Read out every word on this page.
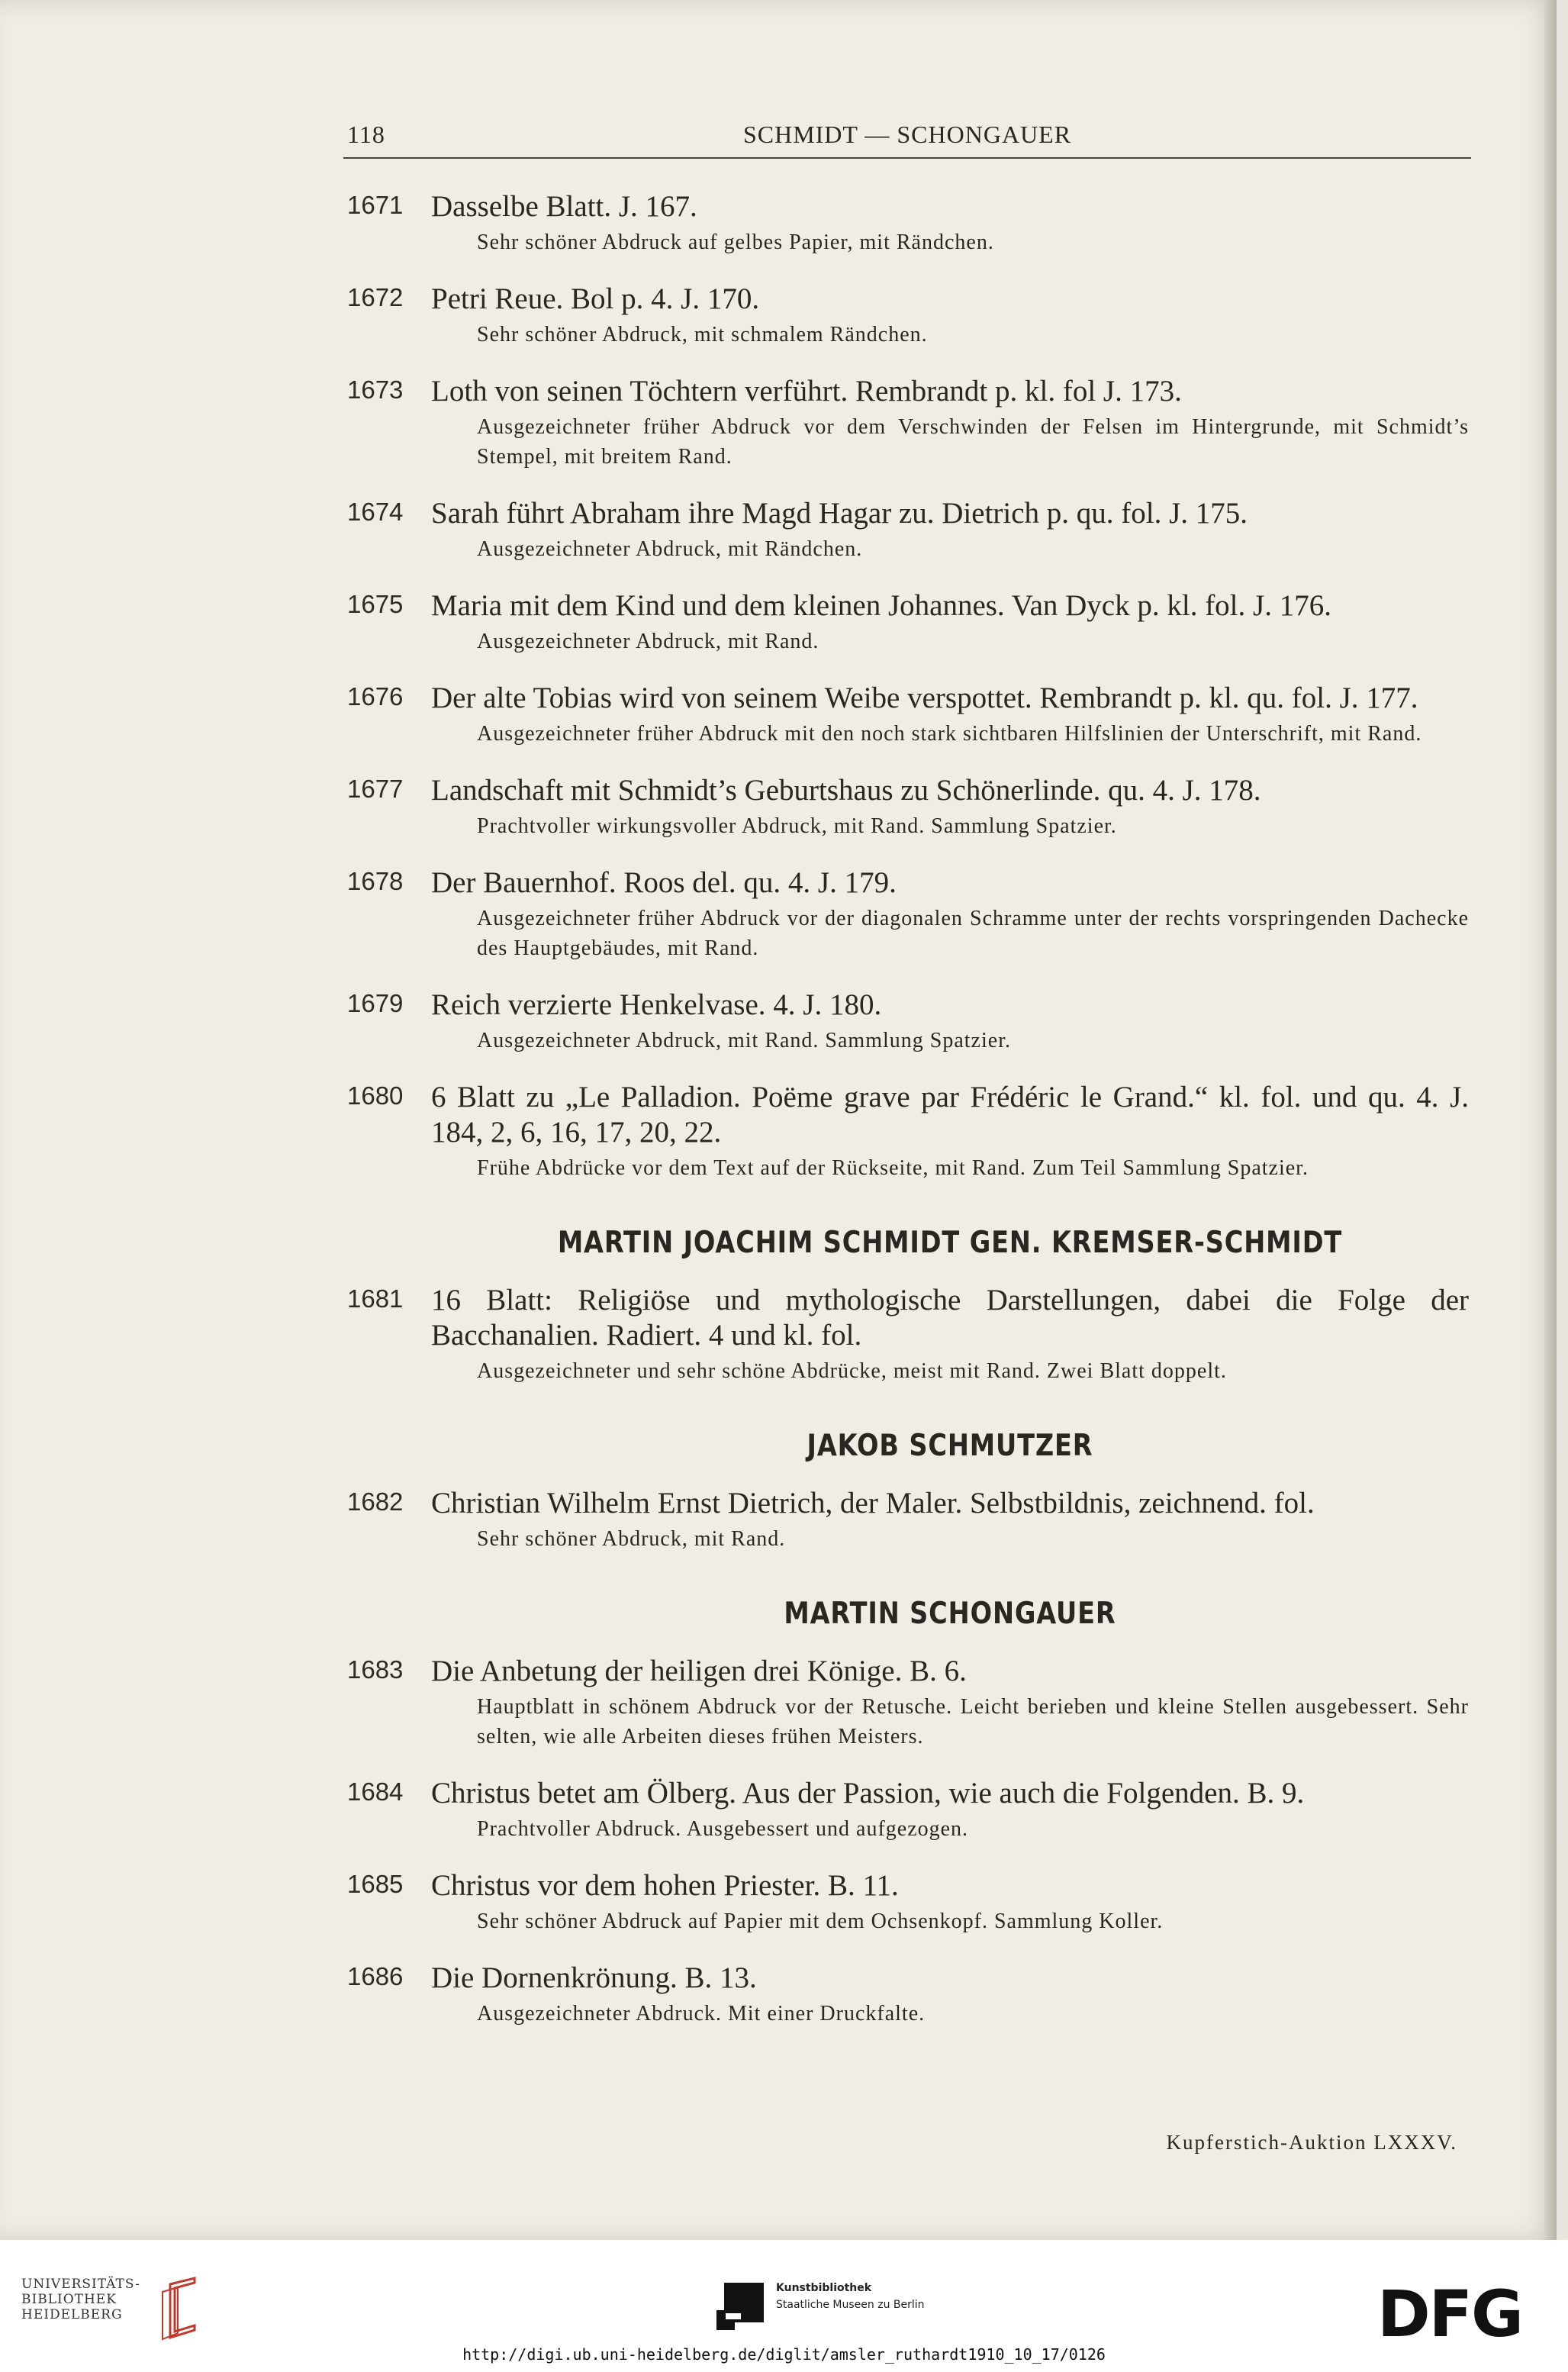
118	SCHMIDT — SCHONGAUER
1671 Dasselbe Blatt. J. 167.
Sehr schöner Abdruck auf gelbes Papier, mit Rändchen.
1672 Petri Reue. Bol p. 4. J. 170.
Sehr schöner Abdruck, mit schmalem Rändchen.
1673 Loth von seinen Töchtern verführt. Rembrandt p. kl. fol J. 173.
Ausgezeichneter früher Abdruck vor dem Verschwinden der Felsen im Hintergrunde, mit Schmidt’s Stempel, mit breitem Rand.
1674 Sarah führt Abraham ihre Magd Hagar zu. Dietrich p. qu. fol. J. 175.
Ausgezeichneter Abdruck, mit Rändchen.
1675 Maria mit dem Kind und dem kleinen Johannes. Van Dyck p. kl. fol. J. 176.
Ausgezeichneter Abdruck, mit Rand.
1676 Der alte Tobias wird von seinem Weibe verspottet. Rembrandt p. kl. qu. fol. J. 177.
Ausgezeichneter früher Abdruck mit den noch stark sichtbaren Hilfslinien der Unterschrift, mit Rand.
1677 Landschaft mit Schmidt’s Geburtshaus zu Schönerlinde. qu. 4. J. 178.
Prachtvoller wirkungsvoller Abdruck, mit Rand. Sammlung Spatzier.
1678 Der Bauernhof. Roos del. qu. 4. J. 179.
Ausgezeichneter früher Abdruck vor der diagonalen Schramme unter der rechts vorspringenden Dachecke des Hauptgebäudes, mit Rand.
1679 Reich verzierte Henkelvase. 4. J. 180.
Ausgezeichneter Abdruck, mit Rand. Sammlung Spatzier.
1680 6 Blatt zu „Le Palladion. Poëme grave par Frédéric le Grand.“ kl. fol. und qu. 4. J. 184, 2, 6, 16, 17, 20, 22.
Frühe Abdrücke vor dem Text auf der Rückseite, mit Rand. Zum Teil Sammlung Spatzier.
MARTIN JOACHIM SCHMIDT GEN. KREMSER-SCHMIDT
1681 16 Blatt: Religiöse und mythologische Darstellungen, dabei die Folge der Bacchanalien. Radiert. 4 und kl. fol.
Ausgezeichneter und sehr schöne Abdrücke, meist mit Rand. Zwei Blatt doppelt.
JAKOB SCHMUTZER
1682 Christian Wilhelm Ernst Dietrich, der Maler. Selbstbildnis, zeichnend. fol.
Sehr schöner Abdruck, mit Rand.
MARTIN SCHONGAUER
1683 Die Anbetung der heiligen drei Könige. B. 6.
Hauptblatt in schönem Abdruck vor der Retusche. Leicht berieben und kleine Stellen ausgebessert. Sehr selten, wie alle Arbeiten dieses frühen Meisters.
1684 Christus betet am Ölberg. Aus der Passion, wie auch die Folgenden. B. 9.
Prachtvoller Abdruck. Ausgebessert und aufgezogen.
1685 Christus vor dem hohen Priester. B. 11.
Sehr schöner Abdruck auf Papier mit dem Ochsenkopf. Sammlung Koller.
1686 Die Dornenkrönung. B. 13.
Ausgezeichneter Abdruck. Mit einer Druckfalte.
Kupferstich-Auktion LXXXV.
UNIVERSITÄTS-
BIBLIOTHEK
HEIDELBERG
Kunstbibliothek
Staatliche Museen zu Berlin	DFG
http://digi.ub.uni-heidelberg.de/diglit/amsler_ruthardt1910_10_17/0126
